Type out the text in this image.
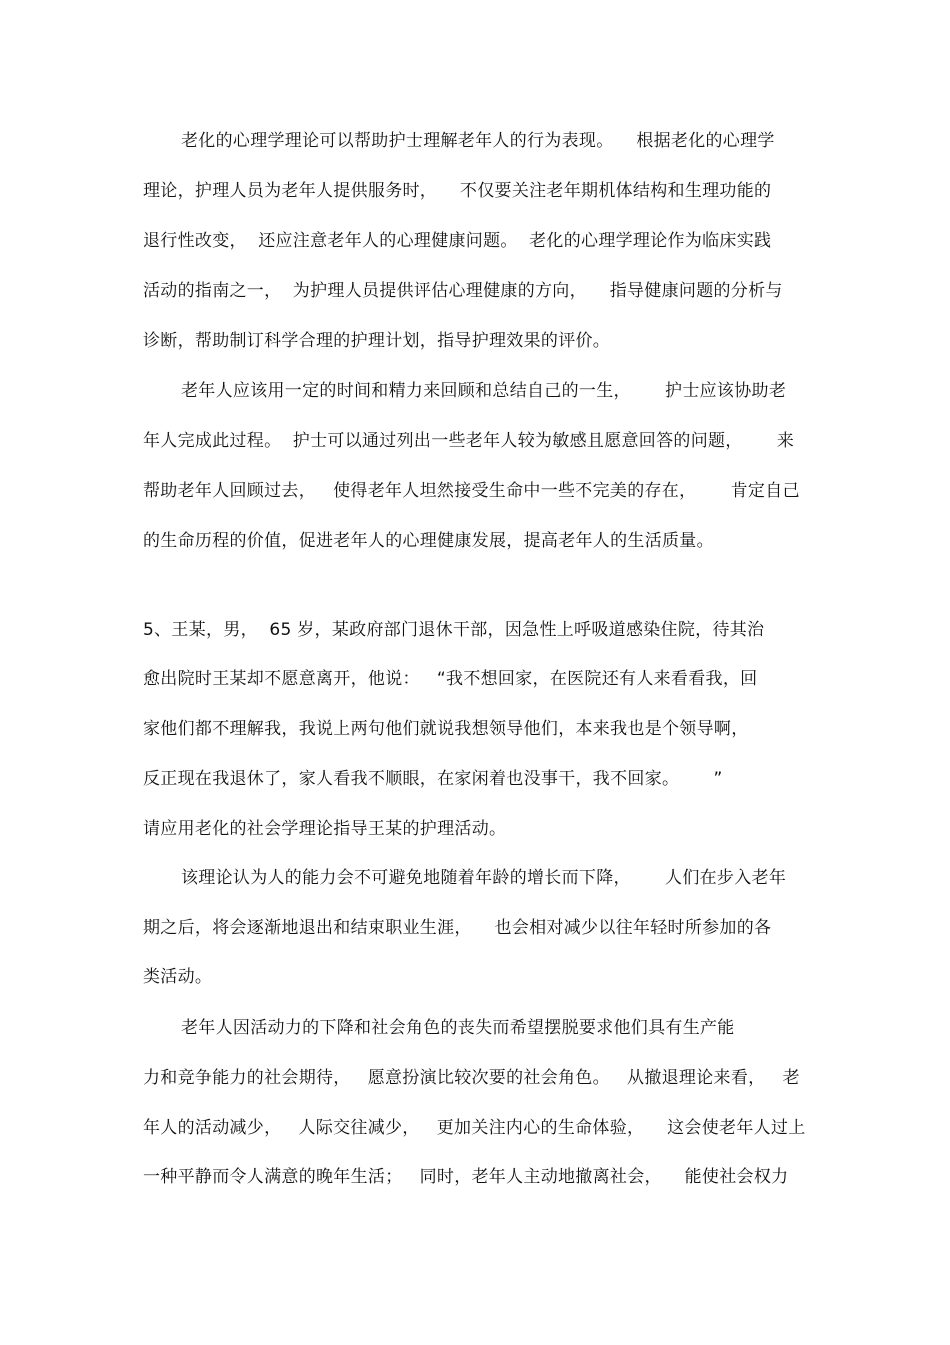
老化的心理学理论可以帮助护士理解老年人的行为表现。    根据老化的心理学
理论，护理人员为老年人提供服务时，    不仅要关注老年期机体结构和生理功能的
退行性改变，  还应注意老年人的心理健康问题。  老化的心理学理论作为临床实践
活动的指南之一，  为护理人员提供评估心理健康的方向，    指导健康问题的分析与
诊断，帮助制订科学合理的护理计划，指导护理效果的评价。
老年人应该用一定的时间和精力来回顾和总结自己的一生，      护士应该协助老
年人完成此过程。  护士可以通过列出一些老年人较为敏感且愿意回答的问题，      来
帮助老年人回顾过去，   使得老年人坦然接受生命中一些不完美的存在，      肯定自己
的生命历程的价值，促进老年人的心理健康发展，提高老年人的生活质量。
5、王某，男，  65 岁，某政府部门退休干部，因急性上呼吸道感染住院，待其治
愈出院时王某却不愿意离开，他说：   “我不想回家，在医院还有人来看看我，回
家他们都不理解我，我说上两句他们就说我想领导他们，本来我也是个领导啊，
反正现在我退休了，家人看我不顺眼，在家闲着也没事干，我不回家。      ”
请应用老化的社会学理论指导王某的护理活动。
该理论认为人的能力会不可避免地随着年龄的增长而下降，      人们在步入老年
期之后，将会逐渐地退出和结束职业生涯，    也会相对减少以往年轻时所参加的各
类活动。
老年人因活动力的下降和社会角色的丧失而希望摆脱要求他们具有生产能
力和竞争能力的社会期待，   愿意扮演比较次要的社会角色。   从撤退理论来看，   老
年人的活动减少，   人际交往减少，   更加关注内心的生命体验，    这会使老年人过上
一种平静而令人满意的晚年生活；   同时，老年人主动地撤离社会，    能使社会权力
